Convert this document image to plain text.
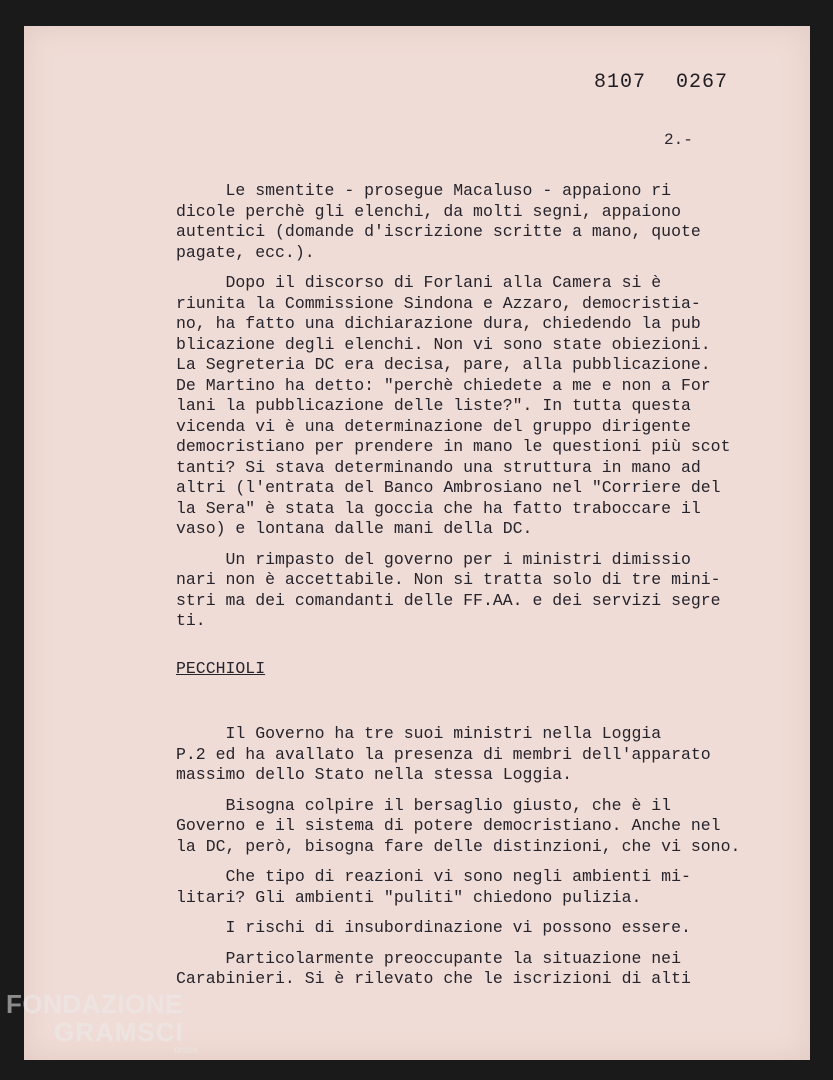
8107 0267
2.-

Le smentite - prosegue Macaluso - appaiono ri
dicole perchè gli elenchi, da molti segni, appaiono
autentici (domande d'iscrizione scritte a mano, quote
pagate, ecc.).

Dopo il discorso di Forlani alla Camera si è
riunita la Commissione Sindona e Azzaro, democristia-
no, ha fatto una dichiarazione dura, chiedendo la pub
blicazione degli elenchi. Non vi sono state obiezioni.
La Segreteria DC era decisa, pare, alla pubblicazione.
De Martino ha detto: "perchè chiedete a me e non a For
lani la pubblicazione delle liste?". In tutta questa
vicenda vi è una determinazione del gruppo dirigente
democristiano per prendere in mano le questioni più scot
tanti? Si stava determinando una struttura in mano ad
altri (l'entrata del Banco Ambrosiano nel "Corriere del
la Sera" è stata la goccia che ha fatto traboccare il
vaso) e lontana dalle mani della DC.

Un rimpasto del governo per i ministri dimissio
nari non è accettabile. Non si tratta solo di tre mini-
stri ma dei comandanti delle FF.AA. e dei servizi segre
ti.

PECCHIOLI

Il Governo ha tre suoi ministri nella Loggia
P.2 ed ha avallato la presenza di membri dell'apparato
massimo dello Stato nella stessa Loggia.

Bisogna colpire il bersaglio giusto, che è il
Governo e il sistema di potere democristiano. Anche nel
la DC, però, bisogna fare delle distinzioni, che vi sono.

Che tipo di reazioni vi sono negli ambienti mi-
litari? Gli ambienti "puliti" chiedono pulizia.

I rischi di insubordinazione vi possono essere.

Particolarmente preoccupante la situazione nei
Carabinieri. Si è rilevato che le iscrizioni di alti

FONDAZIONE
GRAMSCI
onlus
